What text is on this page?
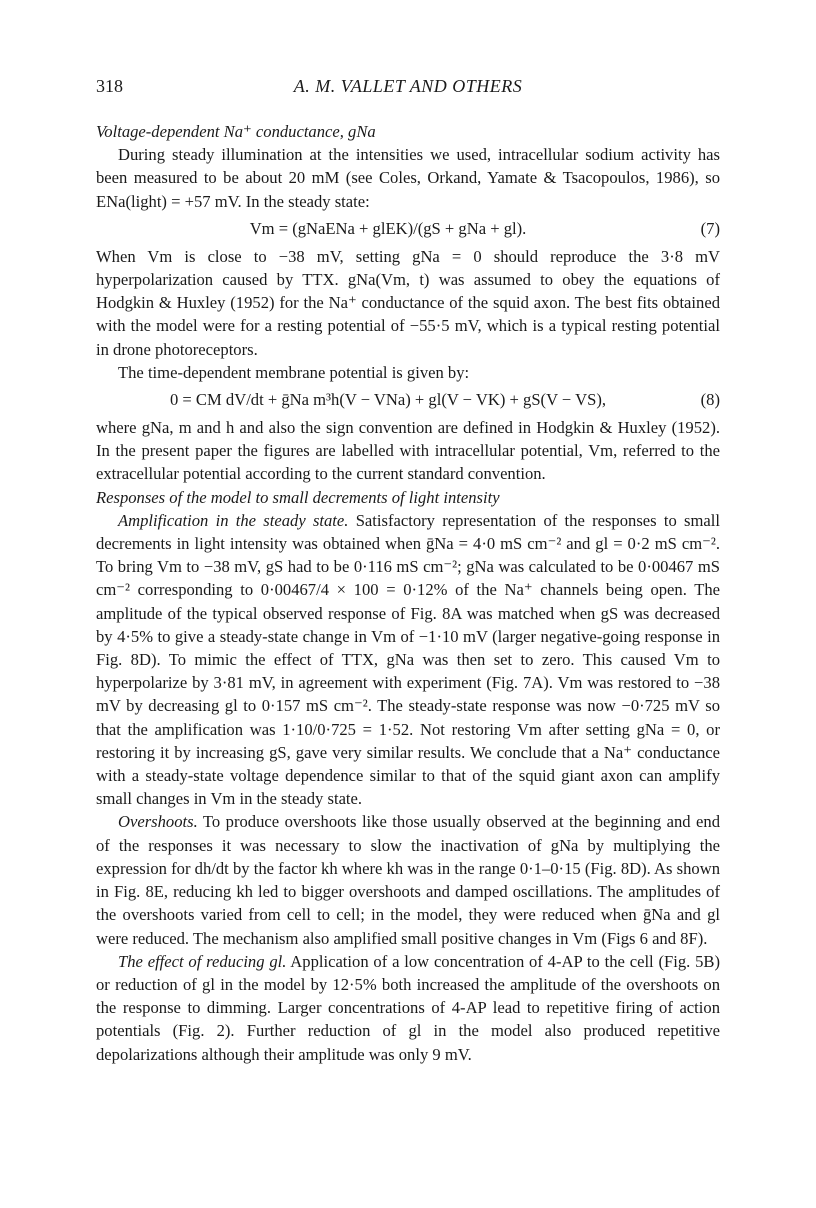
318	A. M. VALLET AND OTHERS

Voltage-dependent Na⁺ conductance, gNa

During steady illumination at the intensities we used, intracellular sodium activity has been measured to be about 20 mM (see Coles, Orkand, Yamate & Tsacopoulos, 1986), so ENa(light) = +57 mV. In the steady state:

Vm = (gNaENa + glEK)/(gS + gNa + gl).	(7)

When Vm is close to −38 mV, setting gNa = 0 should reproduce the 3·8 mV hyperpolarization caused by TTX. gNa(Vm, t) was assumed to obey the equations of Hodgkin & Huxley (1952) for the Na⁺ conductance of the squid axon. The best fits obtained with the model were for a resting potential of −55·5 mV, which is a typical resting potential in drone photoreceptors.

The time-dependent membrane potential is given by:

0 = CM dV/dt + ḡNa m³h(V − VNa) + gl(V − VK) + gS(V − VS),	(8)

where gNa, m and h and also the sign convention are defined in Hodgkin & Huxley (1952). In the present paper the figures are labelled with intracellular potential, Vm, referred to the extracellular potential according to the current standard convention.

Responses of the model to small decrements of light intensity

Amplification in the steady state. Satisfactory representation of the responses to small decrements in light intensity was obtained when ḡNa = 4·0 mS cm⁻² and gl = 0·2 mS cm⁻². To bring Vm to −38 mV, gS had to be 0·116 mS cm⁻²; gNa was calculated to be 0·00467 mS cm⁻² corresponding to 0·00467/4 × 100 = 0·12% of the Na⁺ channels being open. The amplitude of the typical observed response of Fig. 8A was matched when gS was decreased by 4·5% to give a steady-state change in Vm of −1·10 mV (larger negative-going response in Fig. 8D). To mimic the effect of TTX, gNa was then set to zero. This caused Vm to hyperpolarize by 3·81 mV, in agreement with experiment (Fig. 7A). Vm was restored to −38 mV by decreasing gl to 0·157 mS cm⁻². The steady-state response was now −0·725 mV so that the amplification was 1·10/0·725 = 1·52. Not restoring Vm after setting gNa = 0, or restoring it by increasing gS, gave very similar results. We conclude that a Na⁺ conductance with a steady-state voltage dependence similar to that of the squid giant axon can amplify small changes in Vm in the steady state.

Overshoots. To produce overshoots like those usually observed at the beginning and end of the responses it was necessary to slow the inactivation of gNa by multiplying the expression for dh/dt by the factor kh where kh was in the range 0·1–0·15 (Fig. 8D). As shown in Fig. 8E, reducing kh led to bigger overshoots and damped oscillations. The amplitudes of the overshoots varied from cell to cell; in the model, they were reduced when ḡNa and gl were reduced. The mechanism also amplified small positive changes in Vm (Figs 6 and 8F).

The effect of reducing gl. Application of a low concentration of 4-AP to the cell (Fig. 5B) or reduction of gl in the model by 12·5% both increased the amplitude of the overshoots on the response to dimming. Larger concentrations of 4-AP lead to repetitive firing of action potentials (Fig. 2). Further reduction of gl in the model also produced repetitive depolarizations although their amplitude was only 9 mV.
